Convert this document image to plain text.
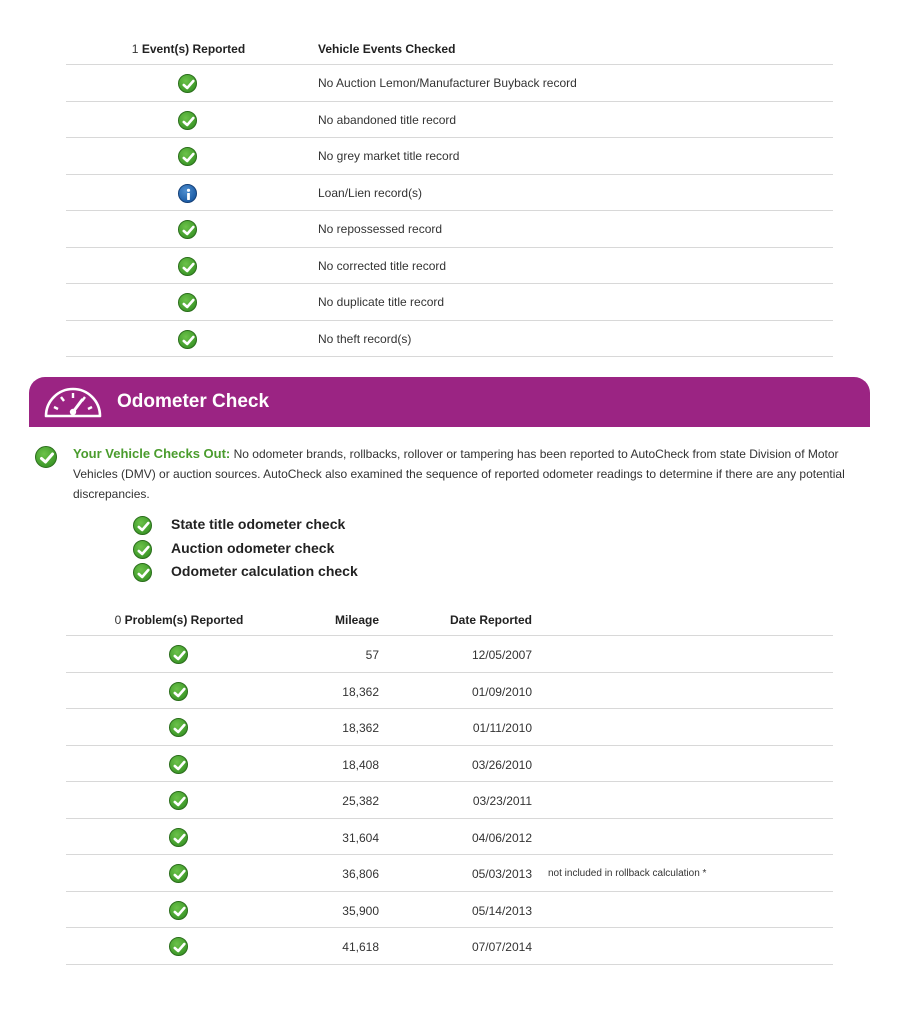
1 Event(s) Reported	Vehicle Events Checked
No Auction Lemon/Manufacturer Buyback record
No abandoned title record
No grey market title record
Loan/Lien record(s)
No repossessed record
No corrected title record
No duplicate title record
No theft record(s)
Odometer Check
Your Vehicle Checks Out: No odometer brands, rollbacks, rollover or tampering has been reported to AutoCheck from state Division of Motor Vehicles (DMV) or auction sources. AutoCheck also examined the sequence of reported odometer readings to determine if there are any potential discrepancies.
State title odometer check
Auction odometer check
Odometer calculation check
0 Problem(s) Reported	Mileage	Date Reported
57	12/05/2007
18,362	01/09/2010
18,362	01/11/2010
18,408	03/26/2010
25,382	03/23/2011
31,604	04/06/2012
36,806	05/03/2013 not included in rollback calculation *
35,900	05/14/2013
41,618	07/07/2014
